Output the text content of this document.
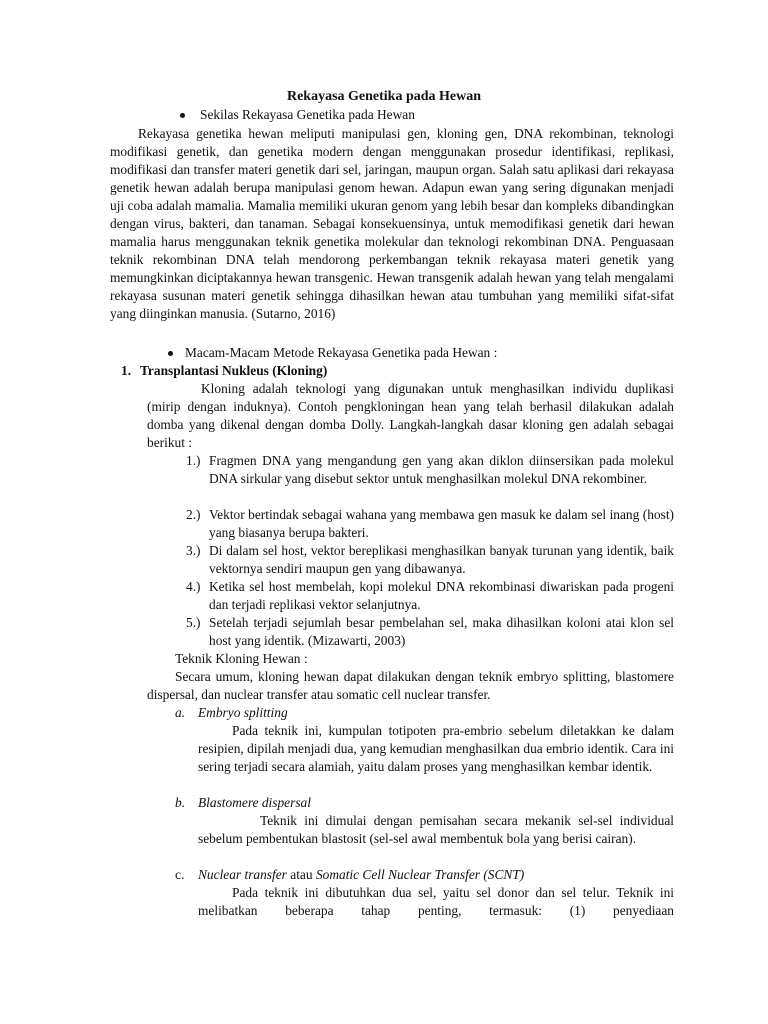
Rekayasa Genetika pada Hewan
Sekilas Rekayasa Genetika pada Hewan
Rekayasa genetika hewan meliputi manipulasi gen, kloning gen, DNA rekombinan, teknologi modifikasi genetik, dan genetika modern dengan menggunakan prosedur identifikasi, replikasi, modifikasi dan transfer materi genetik dari sel, jaringan, maupun organ. Salah satu aplikasi dari rekayasa genetik hewan adalah berupa manipulasi genom hewan. Adapun ewan yang sering digunakan menjadi uji coba adalah mamalia. Mamalia memiliki ukuran genom yang lebih besar dan kompleks dibandingkan dengan virus, bakteri, dan tanaman. Sebagai konsekuensinya, untuk memodifikasi genetik dari hewan mamalia harus menggunakan teknik genetika molekular dan teknologi rekombinan DNA. Penguasaan teknik rekombinan DNA telah mendorong perkembangan teknik rekayasa materi genetik yang memungkinkan diciptakannya hewan transgenic. Hewan transgenik adalah hewan yang telah mengalami rekayasa susunan materi genetik sehingga dihasilkan hewan atau tumbuhan yang memiliki sifat-sifat yang diinginkan manusia. (Sutarno, 2016)
Macam-Macam Metode Rekayasa Genetika pada Hewan :
1. Transplantasi Nukleus (Kloning)
Kloning adalah teknologi yang digunakan untuk menghasilkan individu duplikasi (mirip dengan induknya). Contoh pengkloningan hean yang telah berhasil dilakukan adalah domba yang dikenal dengan domba Dolly. Langkah-langkah dasar kloning gen adalah sebagai berikut :
1.) Fragmen DNA yang mengandung gen yang akan diklon diinsersikan pada molekul DNA sirkular yang disebut sektor untuk menghasilkan molekul DNA rekombiner.
2.) Vektor bertindak sebagai wahana yang membawa gen masuk ke dalam sel inang (host) yang biasanya berupa bakteri.
3.) Di dalam sel host, vektor bereplikasi menghasilkan banyak turunan yang identik, baik vektornya sendiri maupun gen yang dibawanya.
4.) Ketika sel host membelah, kopi molekul DNA rekombinasi diwariskan pada progeni dan terjadi replikasi vektor selanjutnya.
5.) Setelah terjadi sejumlah besar pembelahan sel, maka dihasilkan koloni atai klon sel host yang identik. (Mizawarti, 2003)
Teknik Kloning Hewan :
Secara umum, kloning hewan dapat dilakukan dengan teknik embryo splitting, blastomere dispersal, dan nuclear transfer atau somatic cell nuclear transfer.
a. Embryo splitting
Pada teknik ini, kumpulan totipoten pra-embrio sebelum diletakkan ke dalam resipien, dipilah menjadi dua, yang kemudian menghasilkan dua embrio identik. Cara ini sering terjadi secara alamiah, yaitu dalam proses yang menghasilkan kembar identik.
b. Blastomere dispersal
Teknik ini dimulai dengan pemisahan secara mekanik sel-sel individual sebelum pembentukan blastosit (sel-sel awal membentuk bola yang berisi cairan).
c. Nuclear transfer atau Somatic Cell Nuclear Transfer (SCNT)
Pada teknik ini dibutuhkan dua sel, yaitu sel donor dan sel telur. Teknik ini melibatkan beberapa tahap penting, termasuk: (1) penyediaan
